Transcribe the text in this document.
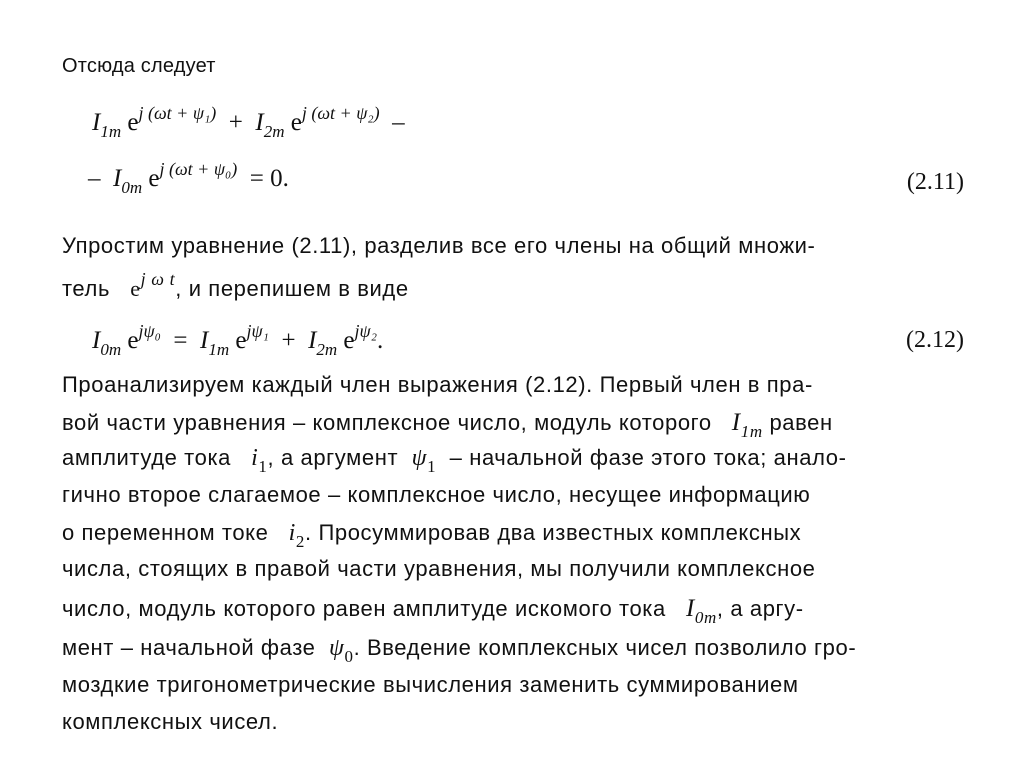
Отсюда следует
$I_{1m}$ $e^{j (\omega t + \psi_1)} + I_{2m}$ $e^{j (\omega t + \psi_2)}$ –
– $I_{0m}$ $e^{j (\omega t + \psi_0)} = 0$.	(2.11)
Упростим уравнение (2.11), разделив все его члены на общий множи-
тель $e^{j \omega t}$, и перепишем в виде
$I_{0m}$ $e^{j\psi_0} = I_{1m}$ $e^{j\psi_1} + I_{2m}$ $e^{j\psi_2}$.	(2.12)
Проанализируем каждый член выражения (2.12). Первый член в пра-
вой части уравнения – комплексное число, модуль которого $I_{1m}$ равен
амплитуде тока $i_1$, а аргумент $\psi_1$ – начальной фазе этого тока; анало-
гично второе слагаемое – комплексное число, несущее информацию
о переменном токе $i_2$. Просуммировав два известных комплексных
числа, стоящих в правой части уравнения, мы получили комплексное
число, модуль которого равен амплитуде искомого тока $I_{0m}$, а аргу-
мент – начальной фазе $\psi_0$. Введение комплексных чисел позволило гро-
моздкие тригонометрические вычисления заменить суммированием
комплексных чисел.
